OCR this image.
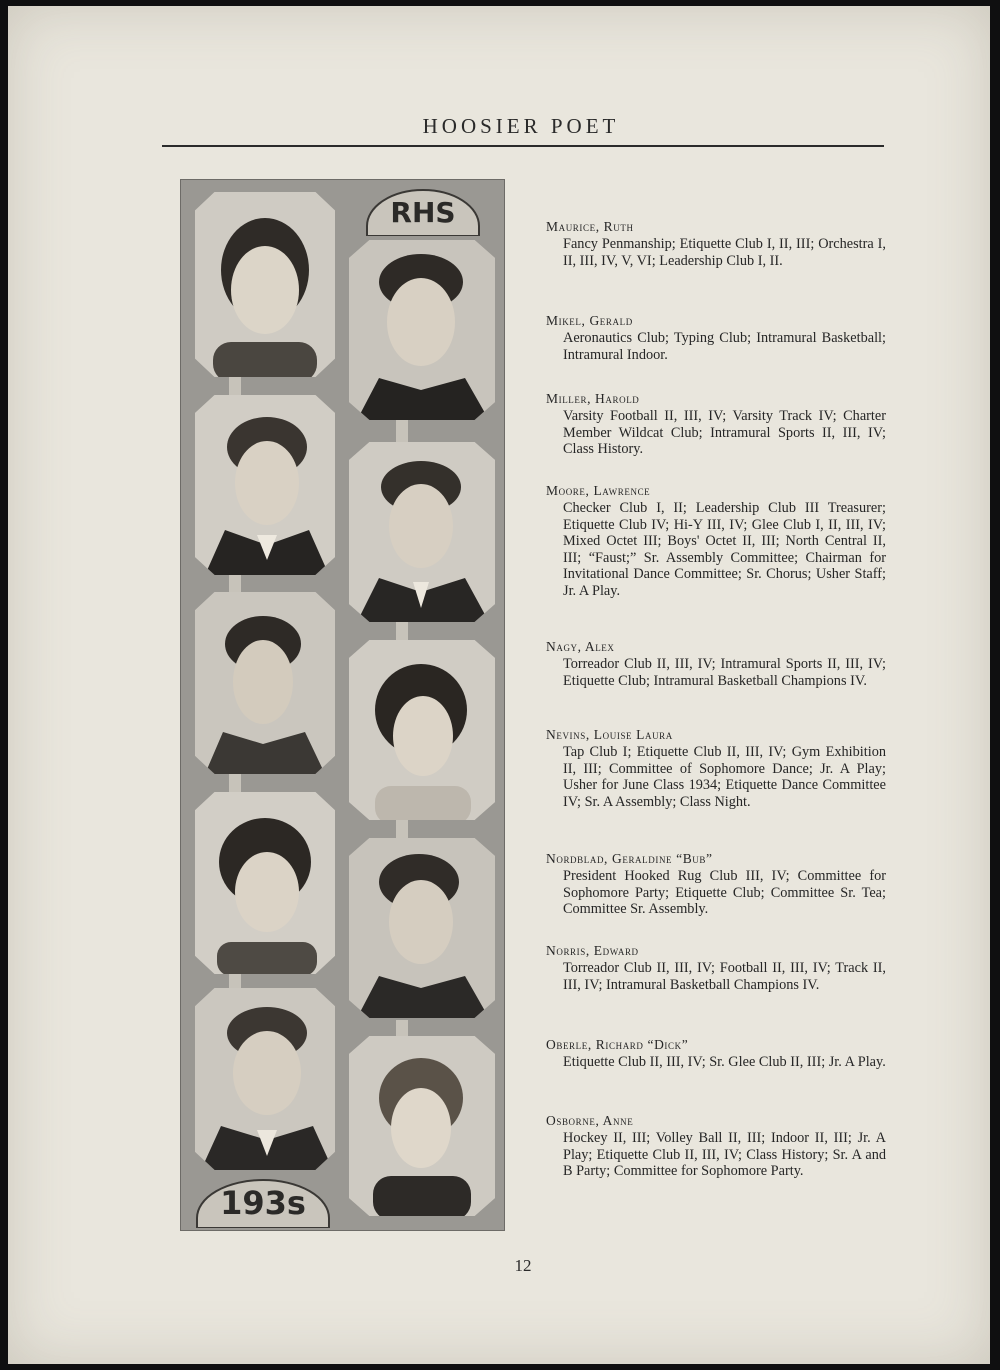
HOOSIER POET
RHS
193s
Maurice, Ruth
Fancy Penmanship; Etiquette Club I, II, III; Orchestra I, II, III, IV, V, VI; Leadership Club I, II.
Mikel, Gerald
Aeronautics Club; Typing Club; Intramural Basketball; Intramural Indoor.
Miller, Harold
Varsity Football II, III, IV; Varsity Track IV; Charter Member Wildcat Club; Intramural Sports II, III, IV; Class History.
Moore, Lawrence
Checker Club I, II; Leadership Club III Treasurer; Etiquette Club IV; Hi-Y III, IV; Glee Club I, II, III, IV; Mixed Octet III; Boys' Octet II, III; North Central II, III; “Faust;” Sr. Assembly Committee; Chairman for Invitational Dance Committee; Sr. Chorus; Usher Staff; Jr. A Play.
Nagy, Alex
Torreador Club II, III, IV; Intramural Sports II, III, IV; Etiquette Club; Intramural Basketball Champions IV.
Nevins, Louise Laura
Tap Club I; Etiquette Club II, III, IV; Gym Exhibition II, III; Committee of Sophomore Dance; Jr. A Play; Usher for June Class 1934; Etiquette Dance Committee IV; Sr. A Assembly; Class Night.
Nordblad, Geraldine “Bub”
President Hooked Rug Club III, IV; Committee for Sophomore Party; Etiquette Club; Committee Sr. Tea; Committee Sr. Assembly.
Norris, Edward
Torreador Club II, III, IV; Football II, III, IV; Track II, III, IV; Intramural Basketball Champions IV.
Oberle, Richard “Dick”
Etiquette Club II, III, IV; Sr. Glee Club II, III; Jr. A Play.
Osborne, Anne
Hockey II, III; Volley Ball II, III; Indoor II, III; Jr. A Play; Etiquette Club II, III, IV; Class History; Sr. A and B Party; Committee for Sophomore Party.
12
